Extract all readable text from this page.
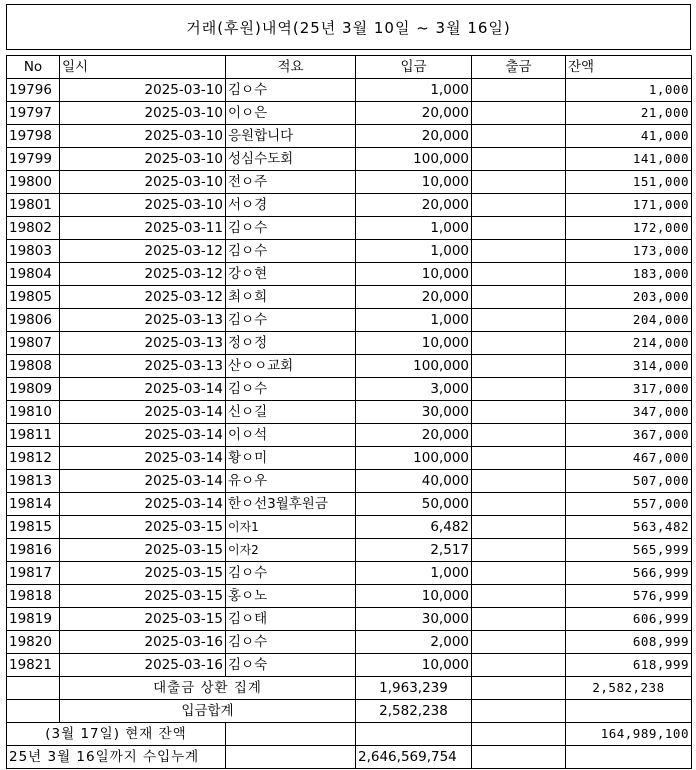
거래(후원)내역(25년 3월 10일 ~ 3월 16일)
No	일시	적요	입금	출금	잔액
19796	2025-03-10	김ㅇ수	1,000		1,000
19797	2025-03-10	이ㅇ은	20,000		21,000
19798	2025-03-10	응원합니다	20,000		41,000
19799	2025-03-10	성심수도회	100,000		141,000
19800	2025-03-10	전ㅇ주	10,000		151,000
19801	2025-03-10	서ㅇ경	20,000		171,000
19802	2025-03-11	김ㅇ수	1,000		172,000
19803	2025-03-12	김ㅇ수	1,000		173,000
19804	2025-03-12	강ㅇ현	10,000		183,000
19805	2025-03-12	최ㅇ희	20,000		203,000
19806	2025-03-13	김ㅇ수	1,000		204,000
19807	2025-03-13	정ㅇ정	10,000		214,000
19808	2025-03-13	산ㅇㅇ교회	100,000		314,000
19809	2025-03-14	김ㅇ수	3,000		317,000
19810	2025-03-14	신ㅇ길	30,000		347,000
19811	2025-03-14	이ㅇ석	20,000		367,000
19812	2025-03-14	황ㅇ미	100,000		467,000
19813	2025-03-14	유ㅇ우	40,000		507,000
19814	2025-03-14	한ㅇ선3월후원금	50,000		557,000
19815	2025-03-15	이자1	6,482		563,482
19816	2025-03-15	이자2	2,517		565,999
19817	2025-03-15	김ㅇ수	1,000		566,999
19818	2025-03-15	홍ㅇ노	10,000		576,999
19819	2025-03-15	김ㅇ태	30,000		606,999
19820	2025-03-16	김ㅇ수	2,000		608,999
19821	2025-03-16	김ㅇ숙	10,000		618,999
	대출금 상환 집계		1,963,239		2,582,238
	입금합계		2,582,238		
(3월 17일) 현재 잔액					164,989,100
25년 3월 16일까지 수입누계			2,646,569,754		
